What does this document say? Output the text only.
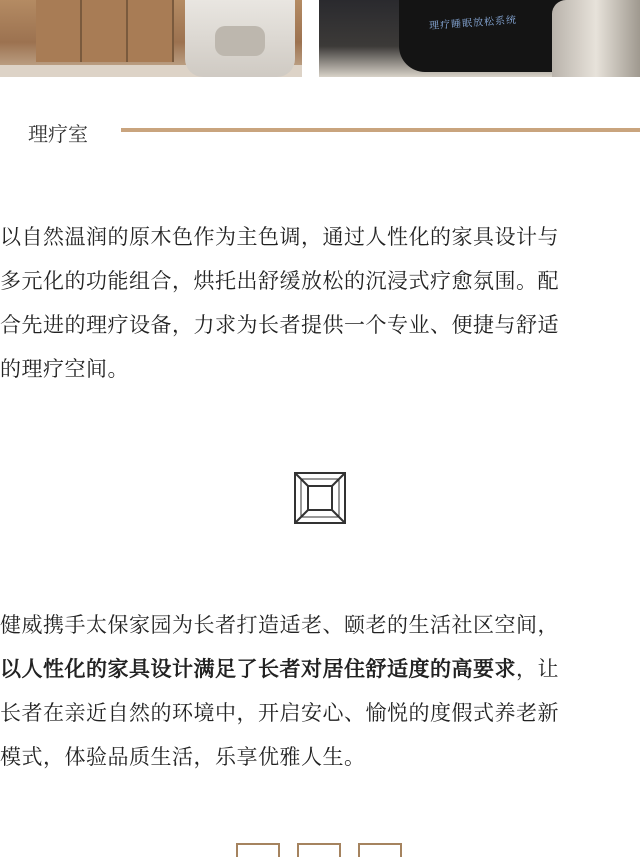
理疗睡眠放松系统
理疗室

以自然温润的原木色作为主色调，通过人性化的家具设计与

多元化的功能组合，烘托出舒缓放松的沉浸式疗愈氛围。配

合先进的理疗设备，力求为长者提供一个专业、便捷与舒适

的理疗空间。

健威携手太保家园为长者打造适老、颐老的生活社区空间，

以人性化的家具设计满足了长者对居住舒适度的高要求，让

长者在亲近自然的环境中，开启安心、愉悦的度假式养老新

模式，体验品质生活，乐享优雅人生。
